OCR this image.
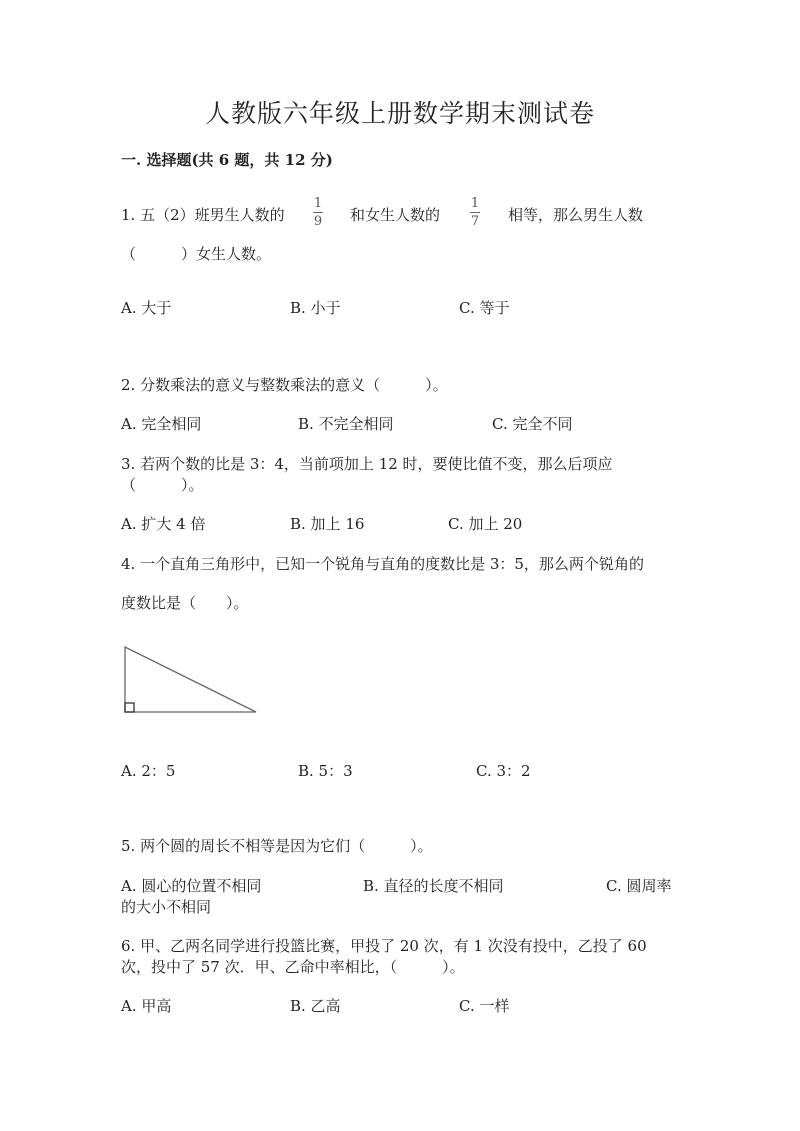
人教版六年级上册数学期末测试卷
一. 选择题(共 6 题，共 12 分)
1. 五（2）班男生人数的
1
9 和女生人数的
1
7 相等，那么男生人数
（　　　）女生人数。
A. 大于	B. 小于	C. 等于
2. 分数乘法的意义与整数乘法的意义（　　　）。
A. 完全相同	B. 不完全相同	C. 完全不同
3. 若两个数的比是 3：4，当前项加上 12 时，要使比值不变，那么后项应
（　　　）。
A. 扩大 4 倍	B. 加上 16	C. 加上 20
4. 一个直角三角形中，已知一个锐角与直角的度数比是 3：5，那么两个锐角的
度数比是（　　）。
A. 2：5	B. 5：3	C. 3：2
5. 两个圆的周长不相等是因为它们（　　　）。
A. 圆心的位置不相同	B. 直径的长度不相同	C. 圆周率
的大小不相同
6. 甲、乙两名同学进行投篮比赛，甲投了 20 次，有 1 次没有投中，乙投了 60
次，投中了 57 次．甲、乙命中率相比，（　　　）。
A. 甲高	B. 乙高	C. 一样
